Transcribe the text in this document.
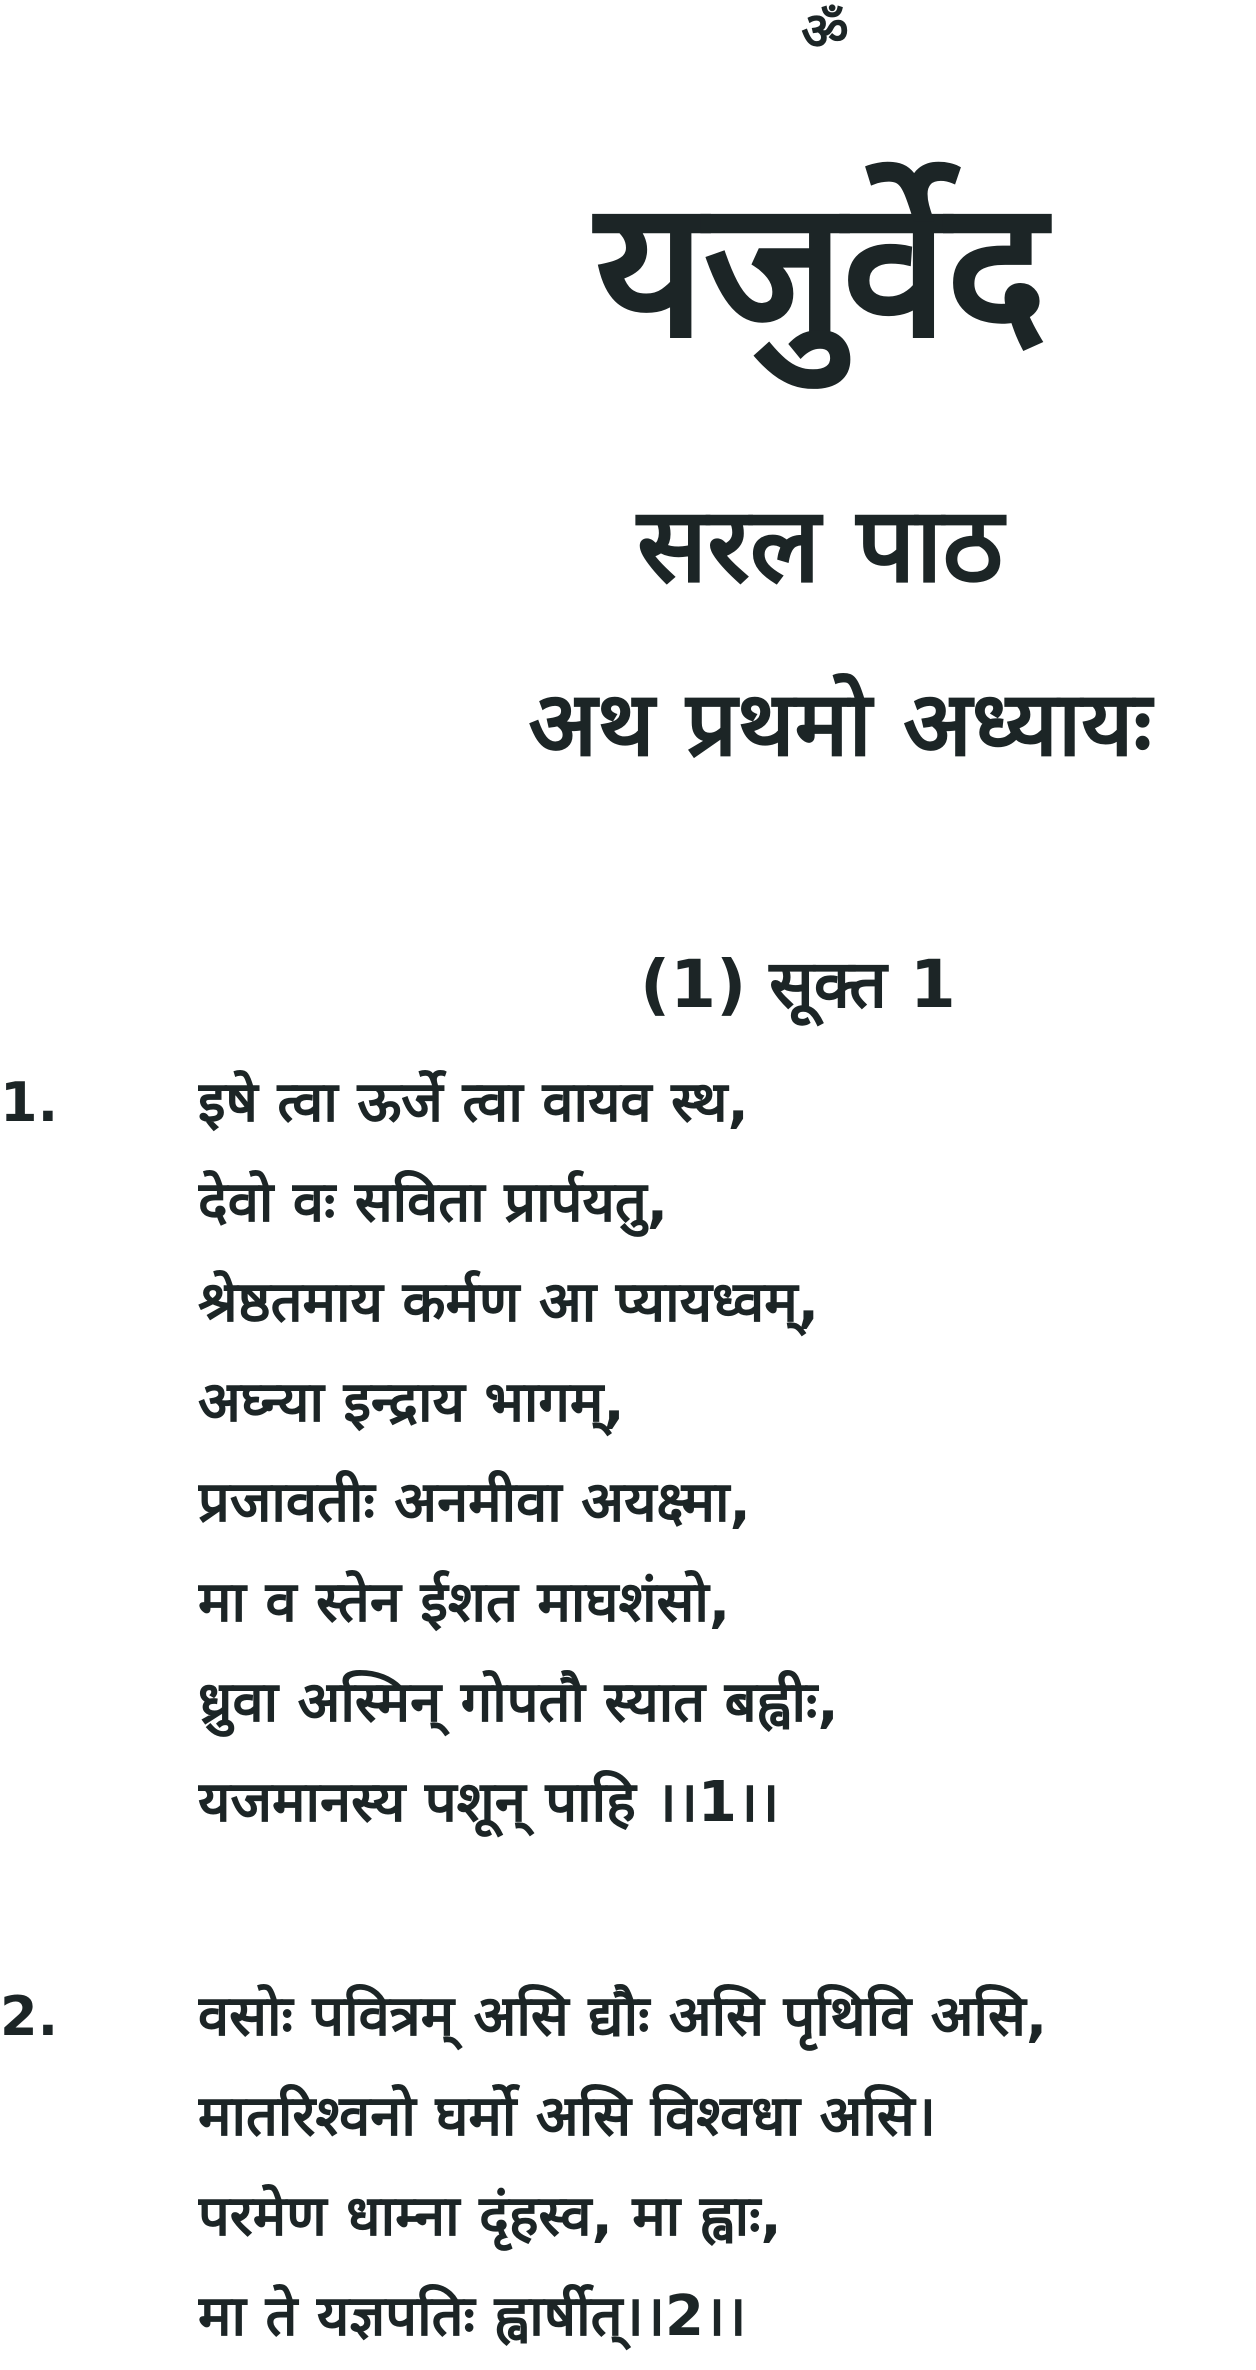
ॐ
यजुर्वेद
सरल पाठ
अथ प्रथमो अध्यायः
(1) सूक्त 1
1. इषे त्वा ऊर्जे त्वा वायव स्थ,
देवो वः सविता प्रार्पयतु,
श्रेष्ठतमाय कर्मण आ प्यायध्वम्,
अघ्न्या इन्द्राय भागम्,
प्रजावतीः अनमीवा अयक्ष्मा,
मा व स्तेन ईशत माघशंसो,
ध्रुवा अस्मिन् गोपतौ स्यात बह्वीः,
यजमानस्य पशून् पाहि ।।1।।
2. वसोः पवित्रम् असि द्यौः असि पृथिवि असि,
मातरिश्वनो घर्मो असि विश्वधा असि।
परमेण धाम्ना दृंहस्व, मा ह्वाः,
मा ते यज्ञपतिः ह्वार्षीत्।।2।।
